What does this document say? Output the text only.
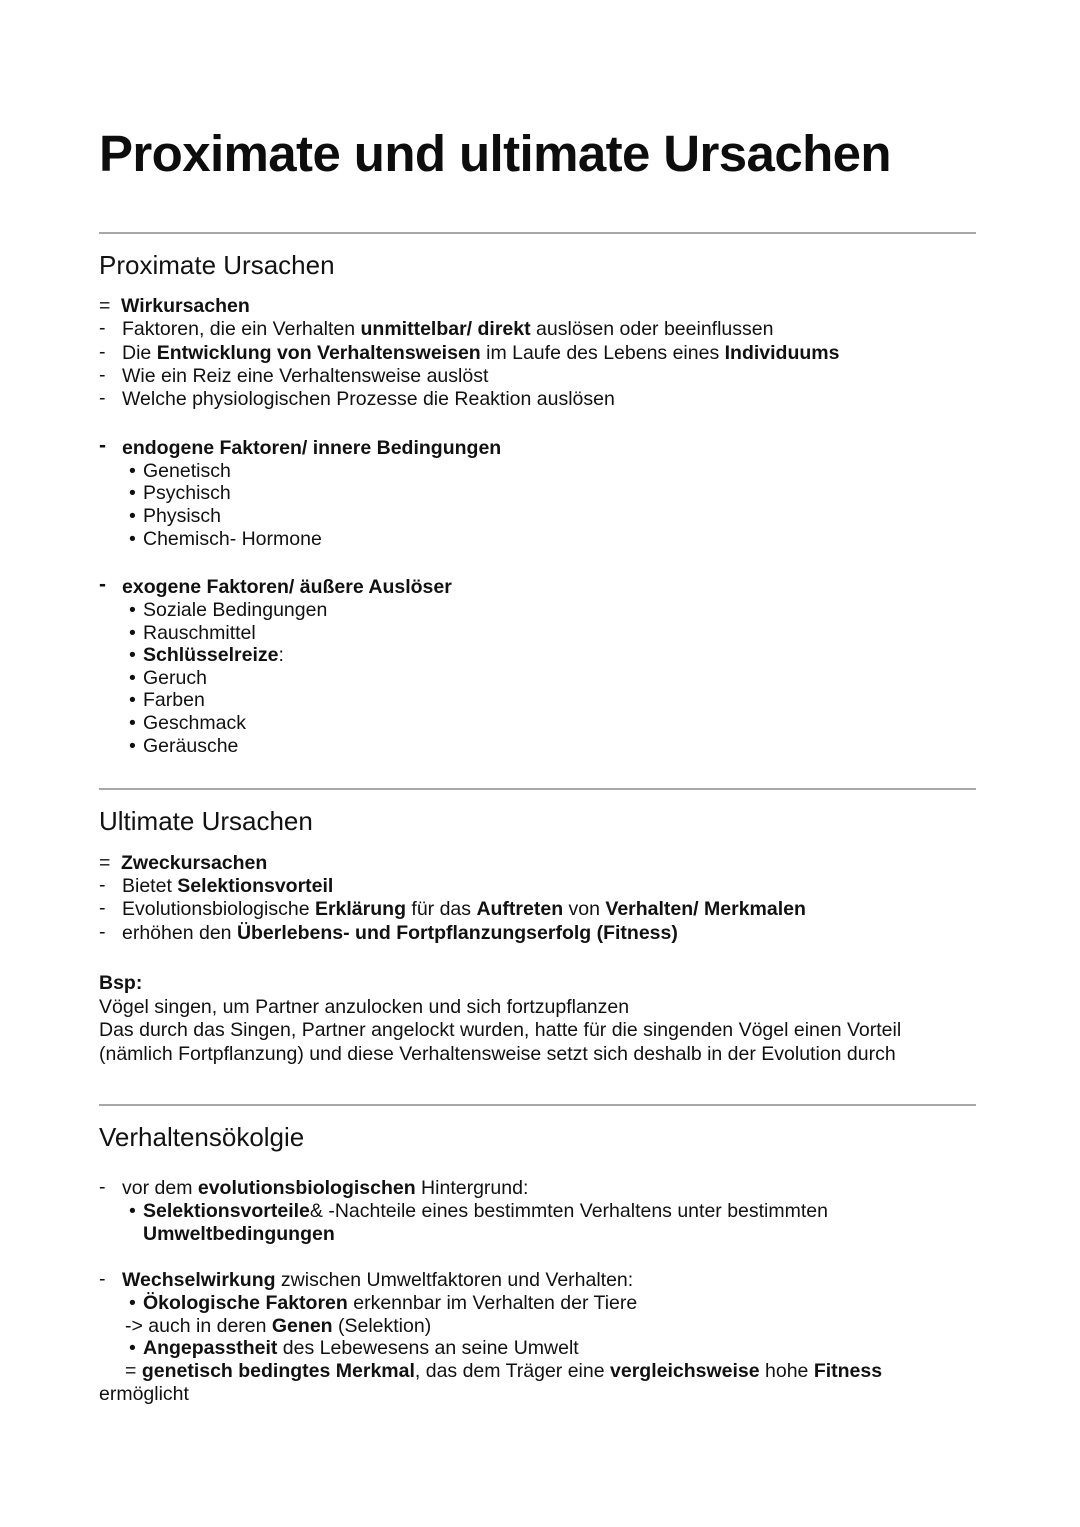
Proximate und ultimate Ursachen
Proximate Ursachen
= Wirkursachen
- Faktoren, die ein Verhalten unmittelbar/ direkt auslösen oder beeinflussen
- Die Entwicklung von Verhaltensweisen im Laufe des Lebens eines Individuums
- Wie ein Reiz eine Verhaltensweise auslöst
- Welche physiologischen Prozesse die Reaktion auslösen
- endogene Faktoren/ innere Bedingungen
• Genetisch
• Psychisch
• Physisch
• Chemisch- Hormone
- exogene Faktoren/ äußere Auslöser
• Soziale Bedingungen
• Rauschmittel
• Schlüsselreize:
• Geruch
• Farben
• Geschmack
• Geräusche
Ultimate Ursachen
= Zweckursachen
- Bietet Selektionsvorteil
- Evolutionsbiologische Erklärung für das Auftreten von Verhalten/ Merkmalen
- erhöhen den Überlebens- und Fortpflanzungserfolg (Fitness)
Bsp:
Vögel singen, um Partner anzulocken und sich fortzupflanzen
Das durch das Singen, Partner angelockt wurden, hatte für die singenden Vögel einen Vorteil
(nämlich Fortpflanzung) und diese Verhaltensweise setzt sich deshalb in der Evolution durch
Verhaltensökolgie
- vor dem evolutionsbiologischen Hintergrund:
• Selektionsvorteile& -Nachteile eines bestimmten Verhaltens unter bestimmten
Umweltbedingungen
- Wechselwirkung zwischen Umweltfaktoren und Verhalten:
• Ökologische Faktoren erkennbar im Verhalten der Tiere
-> auch in deren Genen (Selektion)
• Angepasstheit des Lebewesens an seine Umwelt
= genetisch bedingtes Merkmal, das dem Träger eine vergleichsweise hohe Fitness
ermöglicht
